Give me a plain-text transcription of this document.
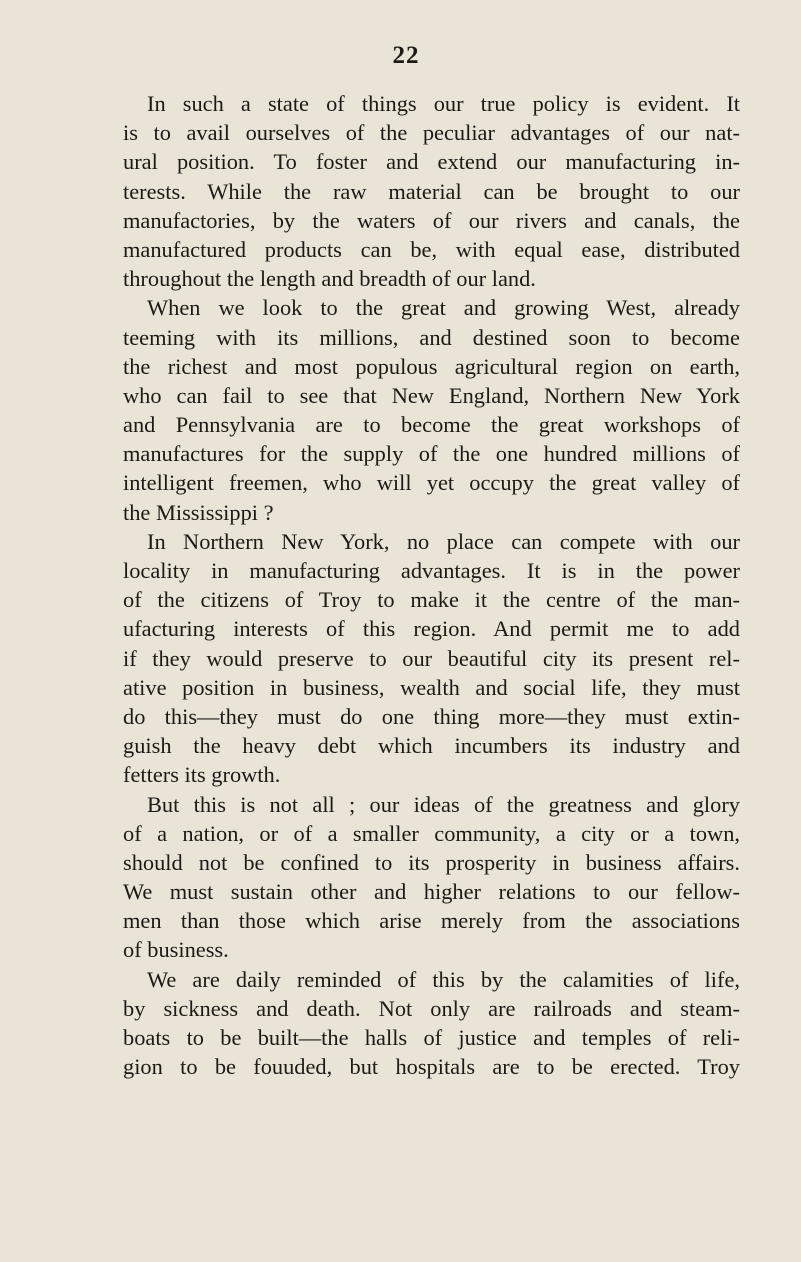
22
In such a state of things our true policy is evident. It
is to avail ourselves of the peculiar advantages of our nat-
ural position. To foster and extend our manufacturing in-
terests. While the raw material can be brought to our
manufactories, by the waters of our rivers and canals, the
manufactured products can be, with equal ease, distributed
throughout the length and breadth of our land.
When we look to the great and growing West, already
teeming with its millions, and destined soon to become
the richest and most populous agricultural region on earth,
who can fail to see that New England, Northern New York
and Pennsylvania are to become the great workshops of
manufactures for the supply of the one hundred millions of
intelligent freemen, who will yet occupy the great valley of
the Mississippi ?
In Northern New York, no place can compete with our
locality in manufacturing advantages. It is in the power
of the citizens of Troy to make it the centre of the man-
ufacturing interests of this region. And permit me to add
if they would preserve to our beautiful city its present rel-
ative position in business, wealth and social life, they must
do this—they must do one thing more—they must extin-
guish the heavy debt which incumbers its industry and
fetters its growth.
But this is not all ; our ideas of the greatness and glory
of a nation, or of a smaller community, a city or a town,
should not be confined to its prosperity in business affairs.
We must sustain other and higher relations to our fellow-
men than those which arise merely from the associations
of business.
We are daily reminded of this by the calamities of life,
by sickness and death. Not only are railroads and steam-
boats to be built—the halls of justice and temples of reli-
gion to be fouuded, but hospitals are to be erected. Troy
